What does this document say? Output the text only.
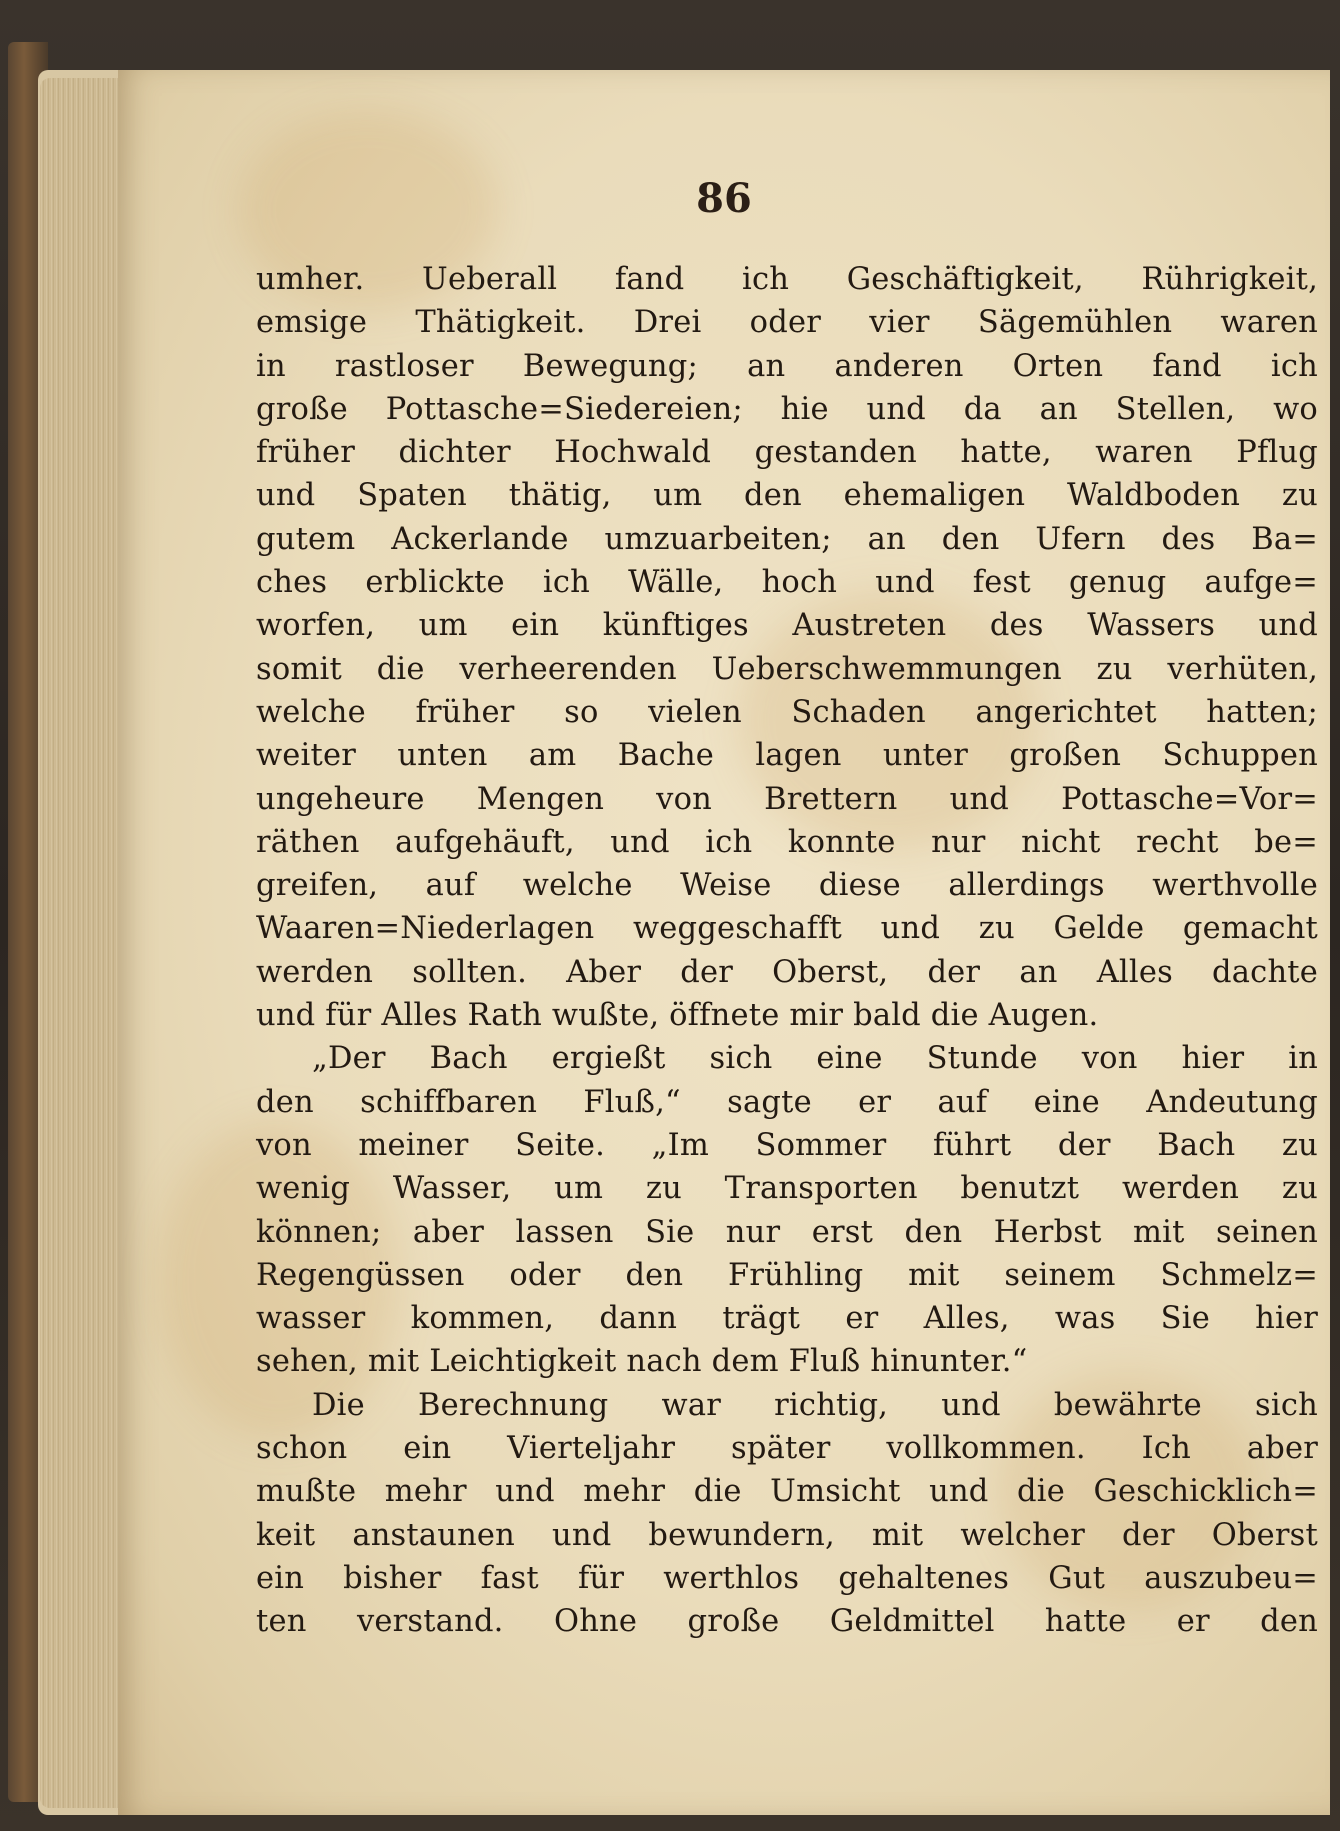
86
umher. Ueberall fand ich Geschäftigkeit, Rührigkeit,
emsige Thätigkeit. Drei oder vier Sägemühlen waren
in rastloser Bewegung; an anderen Orten fand ich
große Pottasche=Siedereien; hie und da an Stellen, wo
früher dichter Hochwald gestanden hatte, waren Pflug
und Spaten thätig, um den ehemaligen Waldboden zu
gutem Ackerlande umzuarbeiten; an den Ufern des Ba=
ches erblickte ich Wälle, hoch und fest genug aufge=
worfen, um ein künftiges Austreten des Wassers und
somit die verheerenden Ueberschwemmungen zu verhüten,
welche früher so vielen Schaden angerichtet hatten;
weiter unten am Bache lagen unter großen Schuppen
ungeheure Mengen von Brettern und Pottasche=Vor=
räthen aufgehäuft, und ich konnte nur nicht recht be=
greifen, auf welche Weise diese allerdings werthvolle
Waaren=Niederlagen weggeschafft und zu Gelde gemacht
werden sollten. Aber der Oberst, der an Alles dachte
und für Alles Rath wußte, öffnete mir bald die Augen.
„Der Bach ergießt sich eine Stunde von hier in
den schiffbaren Fluß,“ sagte er auf eine Andeutung
von meiner Seite. „Im Sommer führt der Bach zu
wenig Wasser, um zu Transporten benutzt werden zu
können; aber lassen Sie nur erst den Herbst mit seinen
Regengüssen oder den Frühling mit seinem Schmelz=
wasser kommen, dann trägt er Alles, was Sie hier
sehen, mit Leichtigkeit nach dem Fluß hinunter.“
Die Berechnung war richtig, und bewährte sich
schon ein Vierteljahr später vollkommen. Ich aber
mußte mehr und mehr die Umsicht und die Geschicklich=
keit anstaunen und bewundern, mit welcher der Oberst
ein bisher fast für werthlos gehaltenes Gut auszubeu=
ten verstand. Ohne große Geldmittel hatte er den
